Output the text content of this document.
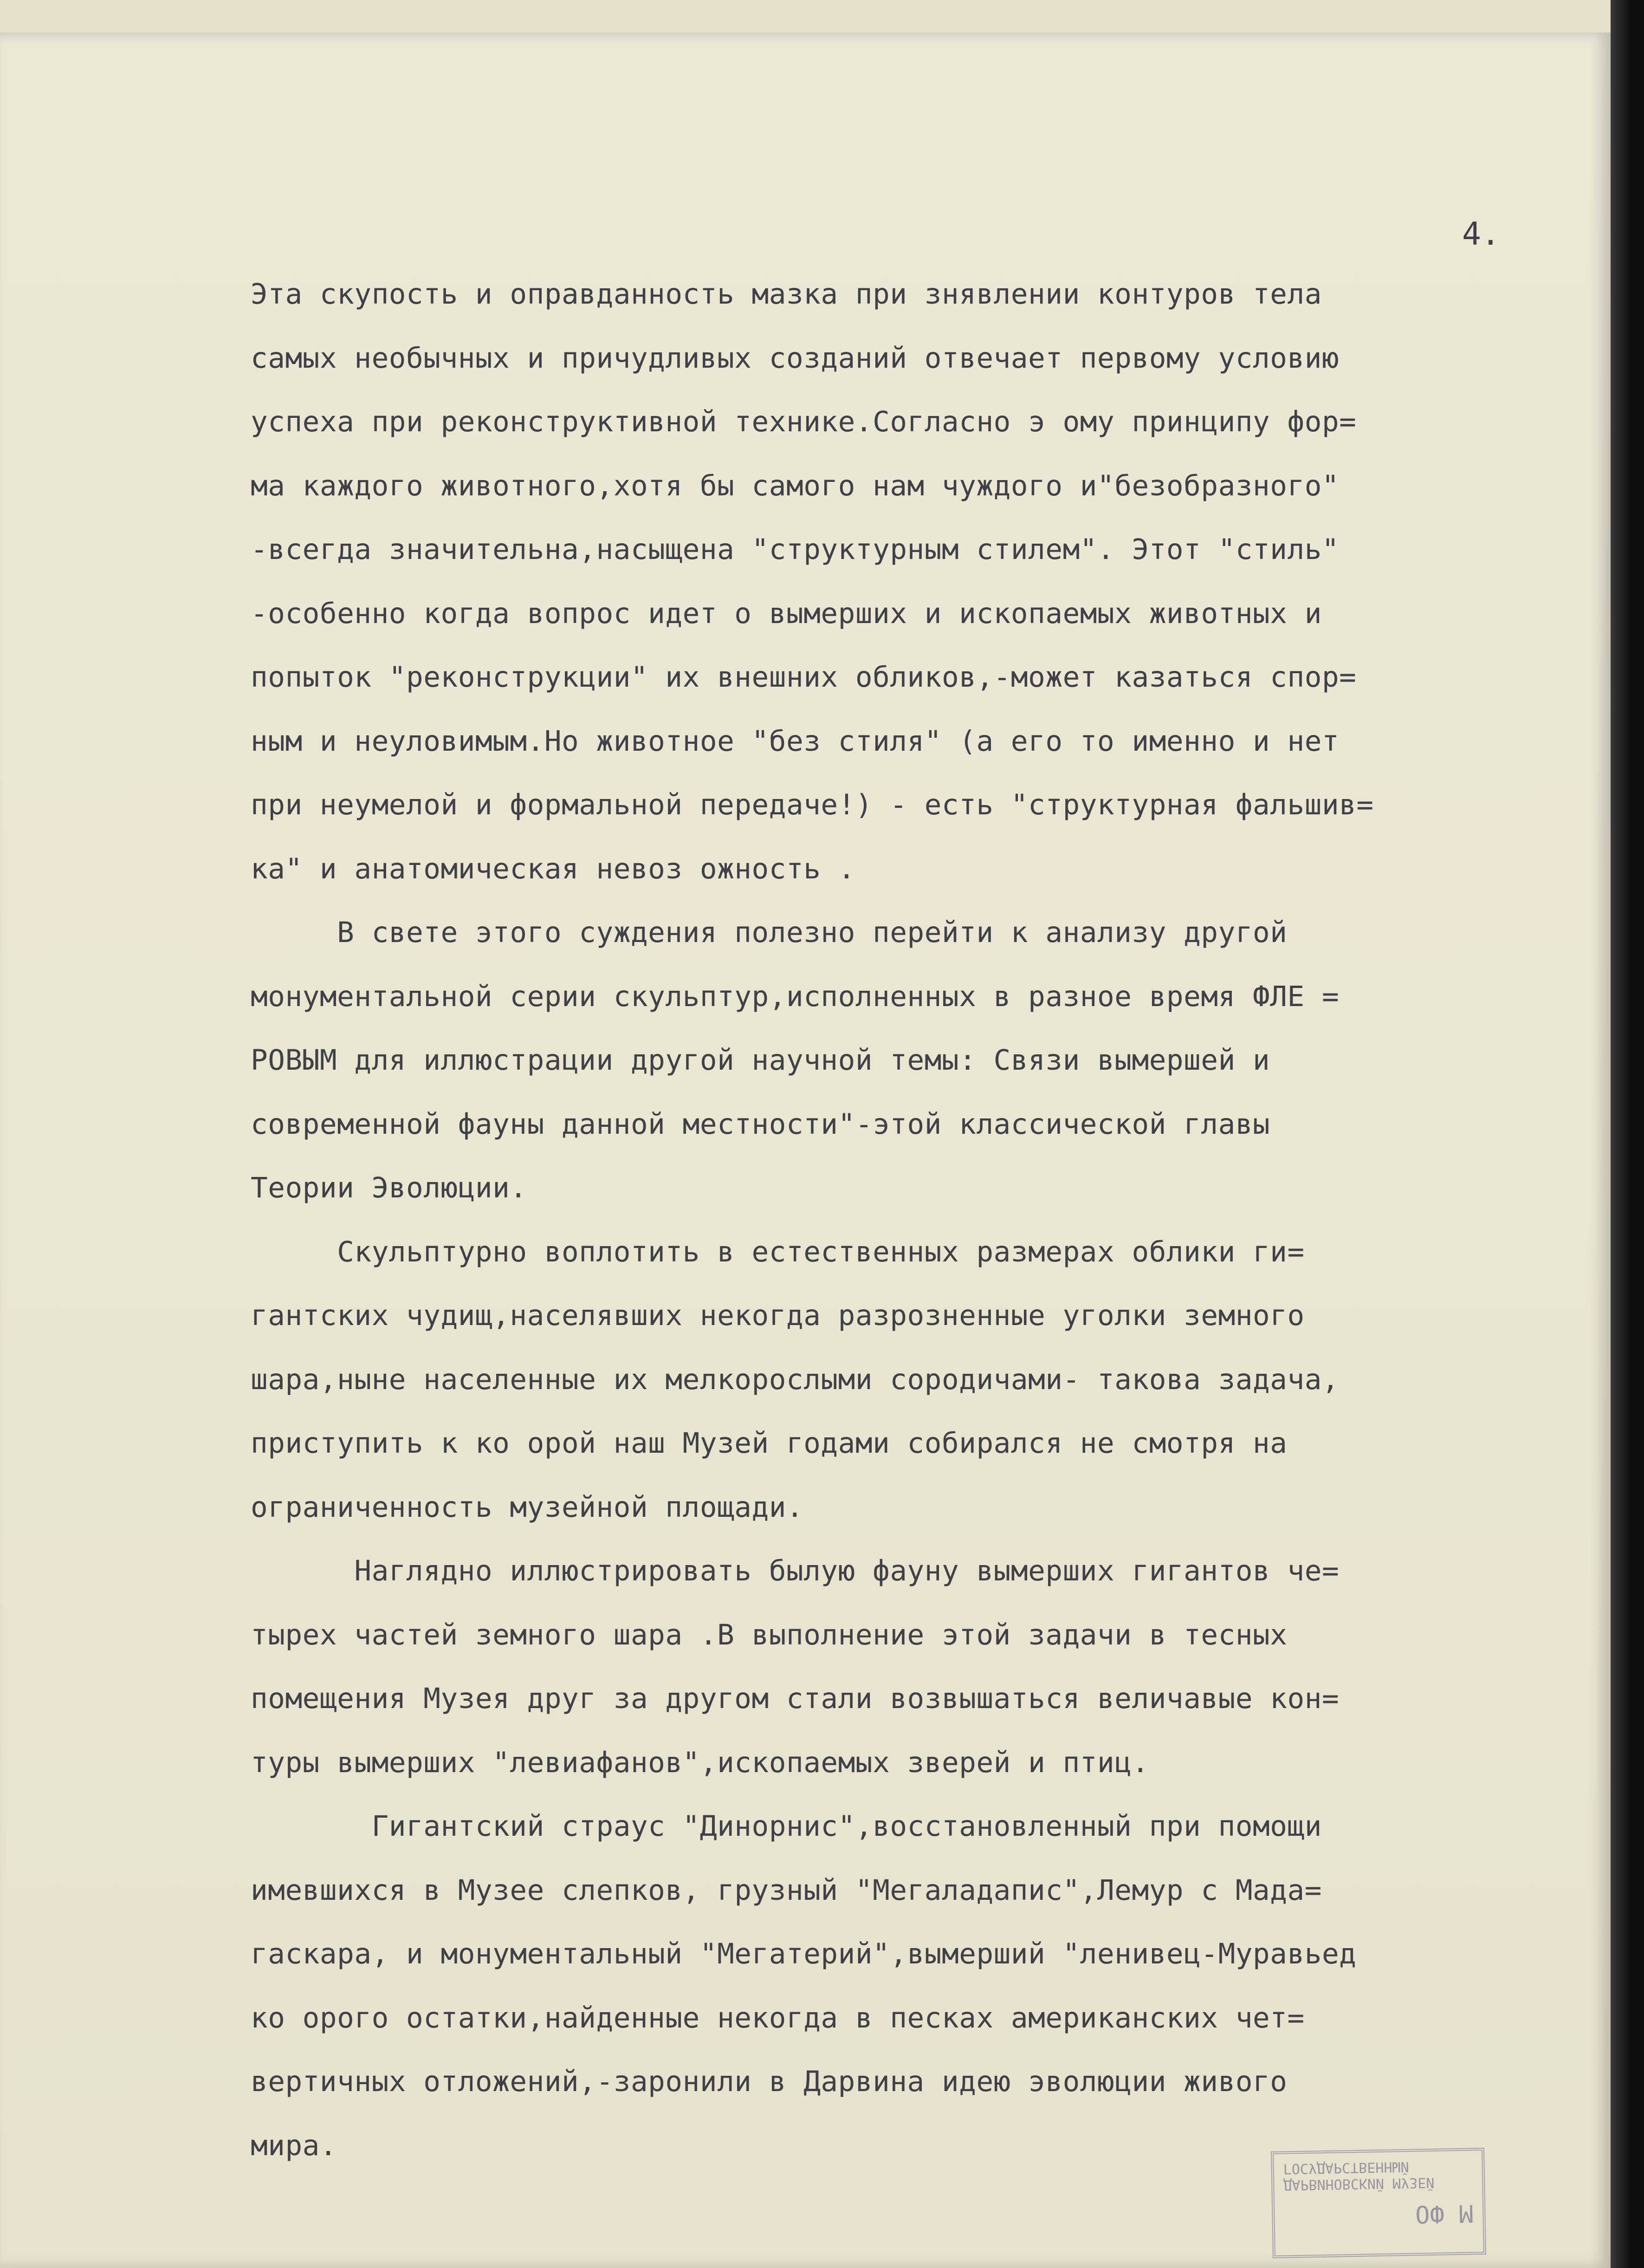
4.
Эта скупость и оправданность мазка при знявлении контуров тела
самых необычных и причудливых созданий отвечает первому условию
успеха при реконструктивной технике.Согласно э ому принципу фор=
ма каждого животного,хотя бы самого нам чуждого и"безобразного"
-всегда значительна,насыщена "структурным стилем". Этот "стиль"
-особенно когда вопрос идет о вымерших и ископаемых животных и
попыток "реконструкции" их внешних обликов,-может казаться спор=
ным и неуловимым.Но животное "без стиля" (а его то именно и нет
при неумелой и формальной передаче!) - есть "структурная фальшив=
ка" и анатомическая невоз ожность .
В свете этого суждения полезно перейти к анализу другой
монументальной серии скульптур,исполненных в разное время ФЛЕ =
РОВЫМ для иллюстрации другой научной темы: Связи вымершей и
современной фауны данной местности"-этой классической главы
Теории Эволюции.
Скульптурно воплотить в естественных размерах облики ги=
гантских чудищ,населявших некогда разрозненные уголки земного
шара,ныне населенные их мелкорослыми сородичами- такова задача,
приступить к ко орой наш Музей годами собирался не смотря на
ограниченность музейной площади.
Наглядно иллюстрировать былую фауну вымерших гигантов че=
тырех частей земного шара .В выполнение этой задачи в тесных
помещения Музея друг за другом стали возвышаться величавые кон=
туры вымерших "левиафанов",ископаемых зверей и птиц.
Гигантский страус "Динорнис",восстановленный при помощи
имевшихся в Музее слепков, грузный "Мегаладапис",Лемур с Мада=
гаскара, и монументальный "Мегатерий",вымерший "ленивец-Муравьед
ко орого остатки,найденные некогда в песках американских чет=
вертичных отложений,-заронили в Дарвина идею эволюции живого
мира.
ГОСУДАРСТВЕННЫЙ
ДАРВИНОВСКИЙ МУЗЕЙ
ОФ М
